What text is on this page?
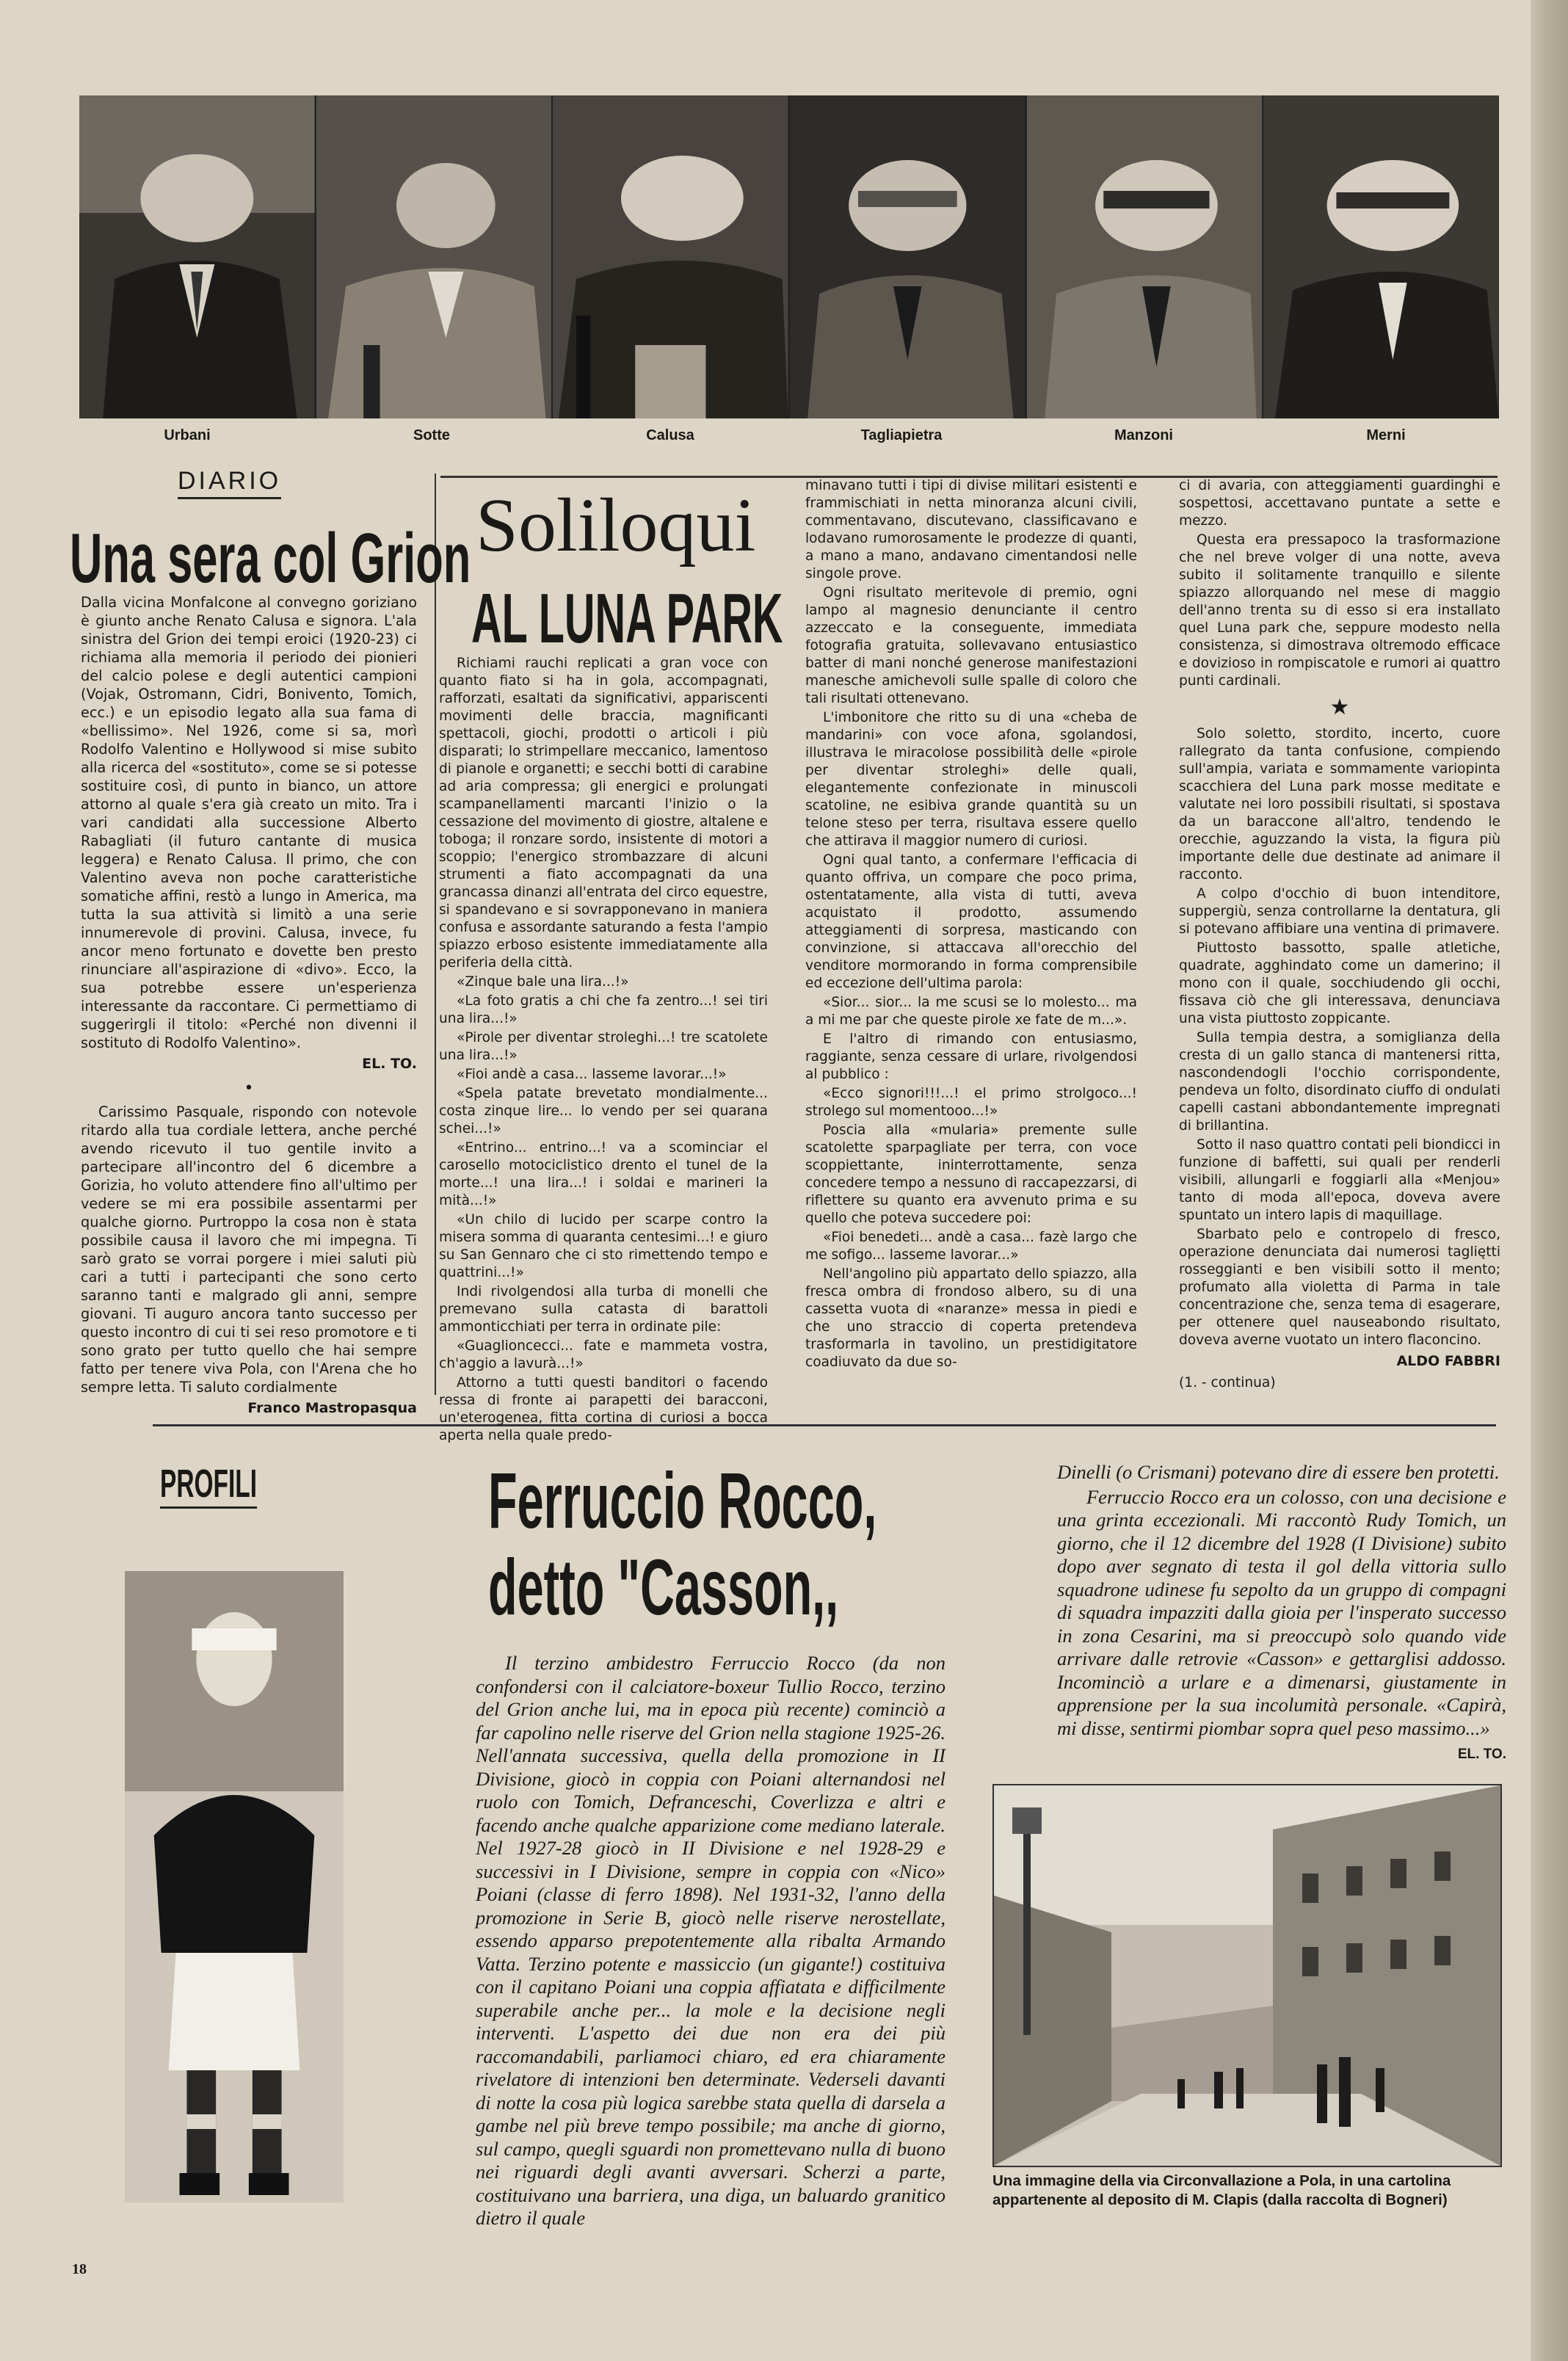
Urbani	Sotte	Calusa	Tagliapietra	Manzoni	Merni
DIARIO
Una sera col Grion

Dalla vicina Monfalcone al convegno goriziano è giunto anche Renato Calusa e signora. L'ala sinistra del Grion dei tempi eroici (1920-23) ci richiama alla memoria il periodo dei pionieri del calcio polese e degli autentici campioni (Vojak, Ostromann, Cidri, Bonivento, Tomich, ecc.) e un episodio legato alla sua fama di «bellissimo». Nel 1926, come si sa, morì Rodolfo Valentino e Hollywood si mise subito alla ricerca del «sostituto», come se si potesse sostituire così, di punto in bianco, un attore attorno al quale s'era già creato un mito. Tra i vari candidati alla successione Alberto Rabagliati (il futuro cantante di musica leggera) e Renato Calusa. Il primo, che con Valentino aveva non poche caratteristiche somatiche affini, restò a lungo in America, ma tutta la sua attività si limitò a una serie innumerevole di provini. Calusa, invece, fu ancor meno fortunato e dovette ben presto rinunciare all'aspirazione di «divo». Ecco, la sua potrebbe essere un'esperienza interessante da raccontare. Ci permettiamo di suggerirgli il titolo: «Perché non divenni il sostituto di Rodolfo Valentino».

EL. TO.
•

Carissimo Pasquale, rispondo con notevole ritardo alla tua cordiale lettera, anche perché avendo ricevuto il tuo gentile invito a partecipare all'incontro del 6 dicembre a Gorizia, ho voluto attendere fino all'ultimo per vedere se mi era possibile assentarmi per qualche giorno. Purtroppo la cosa non è stata possibile causa il lavoro che mi impegna. Ti sarò grato se vorrai porgere i miei saluti più cari a tutti i partecipanti che sono certo saranno tanti e malgrado gli anni, sempre giovani. Ti auguro ancora tanto successo per questo incontro di cui ti sei reso promotore e ti sono grato per tutto quello che hai sempre fatto per tenere viva Pola, con l'Arena che ho sempre letta. Ti saluto cordialmente

Franco Mastropasqua
Soliloqui
AL LUNA PARK

Richiami rauchi replicati a gran voce con quanto fiato si ha in gola, accompagnati, rafforzati, esaltati da significativi, appariscenti movimenti delle braccia, magnificanti spettacoli, giochi, prodotti o articoli i più disparati; lo strimpellare meccanico, lamentoso di pianole e organetti; e secchi botti di carabine ad aria compressa; gli energici e prolungati scampanellamenti marcanti l'inizio o la cessazione del movimento di giostre, altalene e toboga; il ronzare sordo, insistente di motori a scoppio; l'energico strombazzare di alcuni strumenti a fiato accompagnati da una grancassa dinanzi all'entrata del circo equestre, si spandevano e si sovrapponevano in maniera confusa e assordante saturando a festa l'ampio spiazzo erboso esistente immediatamente alla periferia della città.

«Zinque bale una lira...!»

«La foto gratis a chi che fa zentro...! sei tiri una lira...!»

«Pirole per diventar stroleghi...! tre scatolete una lira...!»

«Fioi andè a casa... lasseme lavorar...!»

«Spela patate brevetato mondialmente... costa zinque lire... lo vendo per sei quarana schei...!»

«Entrino... entrino...! va a scominciar el carosello motociclistico drento el tunel de la morte...! una lira...! i soldai e marineri la mità...!»

«Un chilo di lucido per scarpe contro la misera somma di quaranta centesimi...! e giuro su San Gennaro che ci sto rimettendo tempo e quattrini...!»

Indi rivolgendosi alla turba di monelli che premevano sulla catasta di barattoli ammonticchiati per terra in ordinate pile:

«Guaglioncecci... fate e mammeta vostra, ch'aggio a lavurà...!»

Attorno a tutti questi banditori o facendo ressa di fronte ai parapetti dei baracconi, un'eterogenea, fitta cortina di curiosi a bocca aperta nella quale predo-

minavano tutti i tipi di divise militari esistenti e frammischiati in netta minoranza alcuni civili, commentavano, discutevano, classificavano e lodavano rumorosamente le prodezze di quanti, a mano a mano, andavano cimentandosi nelle singole prove.

Ogni risultato meritevole di premio, ogni lampo al magnesio denunciante il centro azzeccato e la conseguente, immediata fotografia gratuita, sollevavano entusiastico batter di mani nonché generose manifestazioni manesche amichevoli sulle spalle di coloro che tali risultati ottenevano.

L'imbonitore che ritto su di una «cheba de mandarini» con voce afona, sgolandosi, illustrava le miracolose possibilità delle «pirole per diventar stroleghi» delle quali, elegantemente confezionate in minuscoli scatoline, ne esibiva grande quantità su un telone steso per terra, risultava essere quello che attirava il maggior numero di curiosi.

Ogni qual tanto, a confermare l'efficacia di quanto offriva, un compare che poco prima, ostentatamente, alla vista di tutti, aveva acquistato il prodotto, assumendo atteggiamenti di sorpresa, masticando con convinzione, si attaccava all'orecchio del venditore mormorando in forma comprensibile ed eccezione dell'ultima parola:

«Sior... sior... la me scusi se lo molesto... ma a mi me par che queste pirole xe fate de m...».

E l'altro di rimando con entusiasmo, raggiante, senza cessare di urlare, rivolgendosi al pubblico :

«Ecco signori!!!...! el primo strolgoco...! strolego sul momentooo...!»

Poscia alla «mularia» premente sulle scatolette sparpagliate per terra, con voce scoppiettante, ininterrottamente, senza concedere tempo a nessuno di raccapezzarsi, di riflettere su quanto era avvenuto prima e su quello che poteva succedere poi:

«Fioi benedeti... andè a casa... fazè largo che me sofigo... lasseme lavorar...»

Nell'angolino più appartato dello spiazzo, alla fresca ombra di frondoso albero, su di una cassetta vuota di «naranze» messa in piedi e che uno straccio di coperta pretendeva trasformarla in tavolino, un prestidigitatore coadiuvato da due so-

ci di avaria, con atteggiamenti guardinghi e sospettosi, accettavano puntate a sette e mezzo.

Questa era pressapoco la trasformazione che nel breve volger di una notte, aveva subito il solitamente tranquillo e silente spiazzo allorquando nel mese di maggio dell'anno trenta su di esso si era installato quel Luna park che, seppure modesto nella consistenza, si dimostrava oltremodo efficace e dovizioso in rompiscatole e rumori ai quattro punti cardinali.

★

Solo soletto, stordito, incerto, cuore rallegrato da tanta confusione, compiendo sull'ampia, variata e sommamente variopinta scacchiera del Luna park mosse meditate e valutate nei loro possibili risultati, si spostava da un baraccone all'altro, tendendo le orecchie, aguzzando la vista, la figura più importante delle due destinate ad animare il racconto.

A colpo d'occhio di buon intenditore, suppergiù, senza controllarne la dentatura, gli si potevano affibiare una ventina di primavere.

Piuttosto bassotto, spalle atletiche, quadrate, agghindato come un damerino; il mono con il quale, socchiudendo gli occhi, fissava ciò che gli interessava, denunciava una vista piuttosto zoppicante.

Sulla tempia destra, a somiglianza della cresta di un gallo stanca di mantenersi ritta, nascondendogli l'occhio corrispondente, pendeva un folto, disordinato ciuffo di ondulati capelli castani abbondantemente impregnati di brillantina.

Sotto il naso quattro contati peli biondicci in funzione di baffetti, sui quali per renderli visibili, allungarli e foggiarli alla «Menjou» tanto di moda all'epoca, doveva avere spuntato un intero lapis di maquillage.

Sbarbato pelo e contropelo di fresco, operazione denunciata dai numerosi tagliętti rosseggianti e ben visibili sotto il mento; profumato alla violetta di Parma in tale concentrazione che, senza tema di esagerare, per ottenere quel nauseabondo risultato, doveva averne vuotato un intero flaconcino.

ALDO FABBRI
(1. - continua)
PROFILI	Ferruccio Rocco,
detto "Casson,,

Il terzino ambidestro Ferruccio Rocco (da non confondersi con il calciatore-boxeur Tullio Rocco, terzino del Grion anche lui, ma in epoca più recente) cominciò a far capolino nelle riserve del Grion nella stagione 1925-26. Nell'annata successiva, quella della promozione in II Divisione, giocò in coppia con Poiani alternandosi nel ruolo con Tomich, Defranceschi, Coverlizza e altri e facendo anche qualche apparizione come mediano laterale. Nel 1927-28 giocò in II Divisione e nel 1928-29 e successivi in I Divisione, sempre in coppia con «Nico» Poiani (classe di ferro 1898). Nel 1931-32, l'anno della promozione in Serie B, giocò nelle riserve nerostellate, essendo apparso prepotentemente alla ribalta Armando Vatta. Terzino potente e massiccio (un gigante!) costituiva con il capitano Poiani una coppia affiatata e difficilmente superabile anche per... la mole e la decisione negli interventi. L'aspetto dei due non era dei più raccomandabili, parliamoci chiaro, ed era chiaramente rivelatore di intenzioni ben determinate. Vederseli davanti di notte la cosa più logica sarebbe stata quella di darsela a gambe nel più breve tempo possibile; ma anche di giorno, sul campo, quegli sguardi non promettevano nulla di buono nei riguardi degli avanti avversari. Scherzi a parte, costituivano una barriera, una diga, un baluardo granitico dietro il quale

Dinelli (o Crismani) potevano dire di essere ben protetti.

Ferruccio Rocco era un colosso, con una decisione e una grinta eccezionali. Mi raccontò Rudy Tomich, un giorno, che il 12 dicembre del 1928 (I Divisione) subito dopo aver segnato di testa il gol della vittoria sullo squadrone udinese fu sepolto da un gruppo di compagni di squadra impazziti dalla gioia per l'insperato successo in zona Cesarini, ma si preoccupò solo quando vide arrivare dalle retrovie «Casson» e gettarglisi addosso. Incominciò a urlare e a dimenarsi, giustamente in apprensione per la sua incolumità personale. «Capirà, mi disse, sentirmi piombar sopra quel peso massimo...»

EL. TO.
Una immagine della via Circonvallazione a Pola, in una cartolina appartenente al deposito di M. Clapis (dalla raccolta di Bogneri)
18
